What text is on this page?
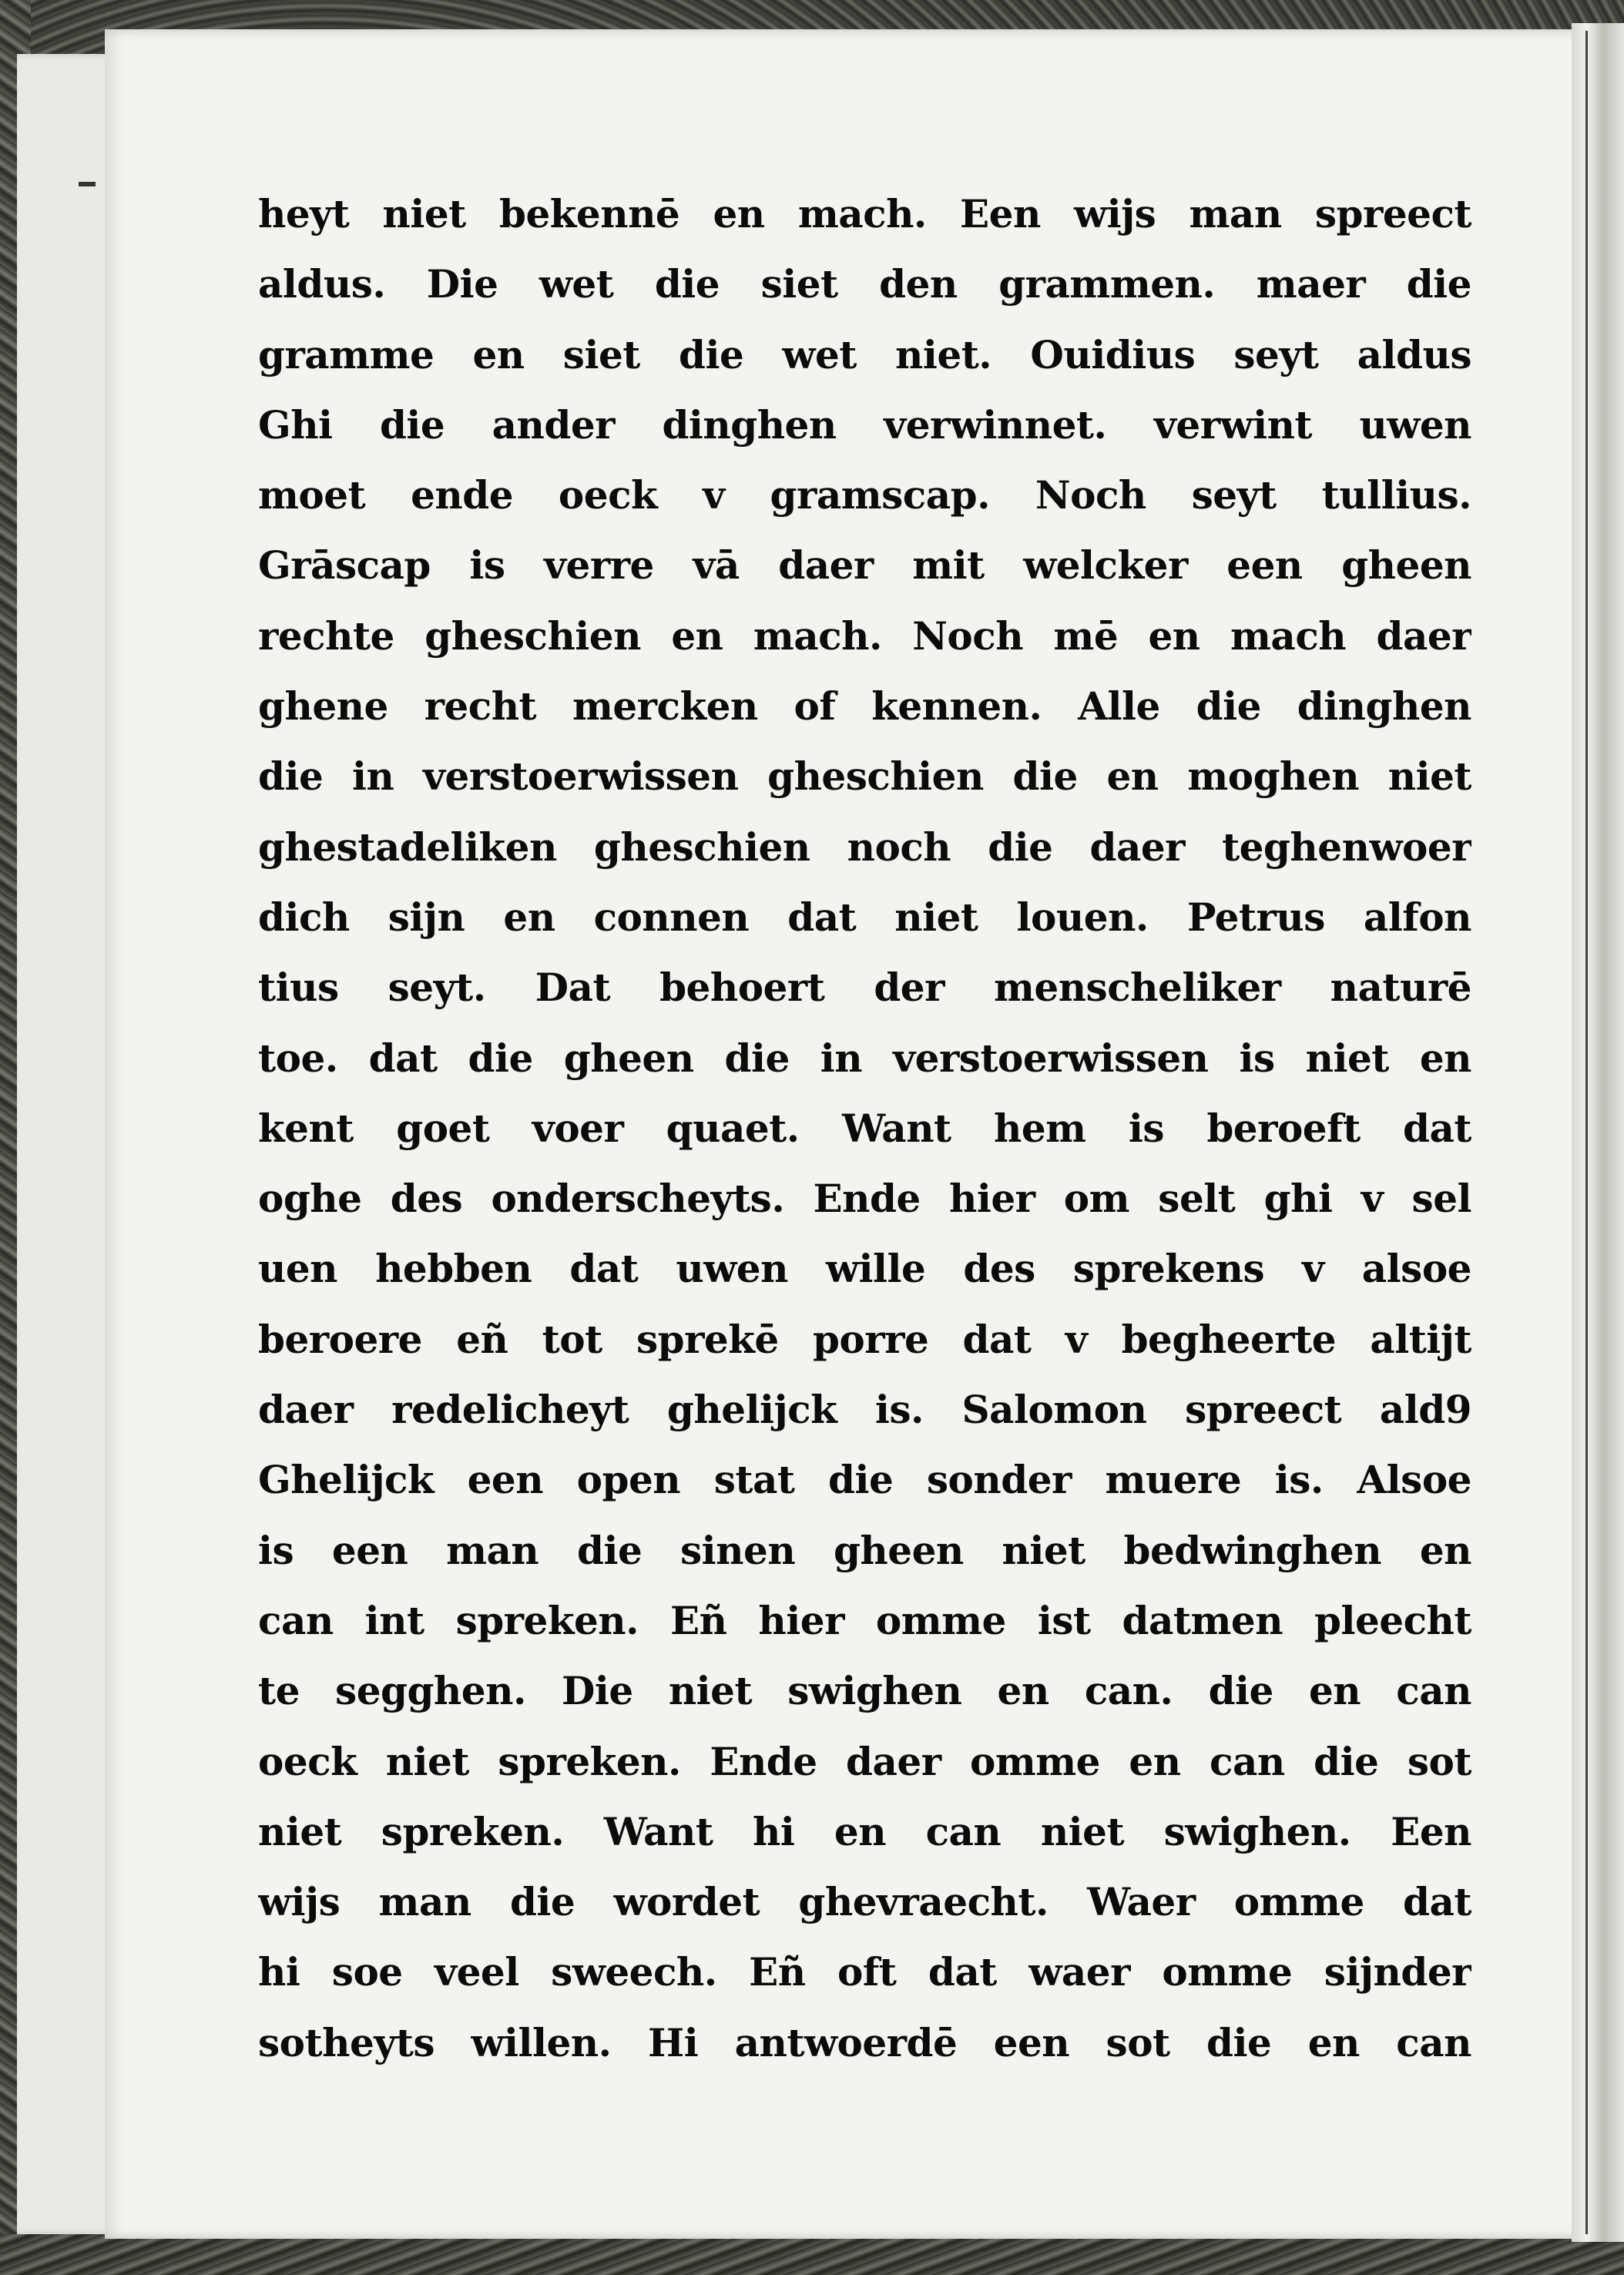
heyt niet bekennē en mach. Een wijs man spreect
aldus. Die wet die siet den grammen. maer die
gramme en siet die wet niet. Ouidius seyt aldus
Ghi die ander dinghen verwinnet. verwint uwen
moet ende oeck v gramscap. Noch seyt tullius.
Grāscap is verre vā daer mit welcker een gheen
rechte gheschien en mach. Noch mē en mach daer
ghene recht mercken of kennen. Alle die dinghen
die in verstoerwissen gheschien die en moghen niet
ghestadeliken gheschien noch die daer teghenwoer
dich sijn en connen dat niet louen. Petrus alfon
tius seyt. Dat behoert der menscheliker naturē
toe. dat die gheen die in verstoerwissen is niet en
kent goet voer quaet. Want hem is beroeft dat
oghe des onderscheyts. Ende hier om selt ghi v sel
uen hebben dat uwen wille des sprekens v alsoe
beroere eñ tot sprekē porre dat v begheerte altijt
daer redelicheyt ghelijck is. Salomon spreect ald9
Ghelijck een open stat die sonder muere is. Alsoe
is een man die sinen gheen niet bedwinghen en
can int spreken. Eñ hier omme ist datmen pleecht
te segghen. Die niet swighen en can. die en can
oeck niet spreken. Ende daer omme en can die sot
niet spreken. Want hi en can niet swighen. Een
wijs man die wordet ghevraecht. Waer omme dat
hi soe veel sweech. Eñ oft dat waer omme sijnder
sotheyts willen. Hi antwoerdē een sot die en can
